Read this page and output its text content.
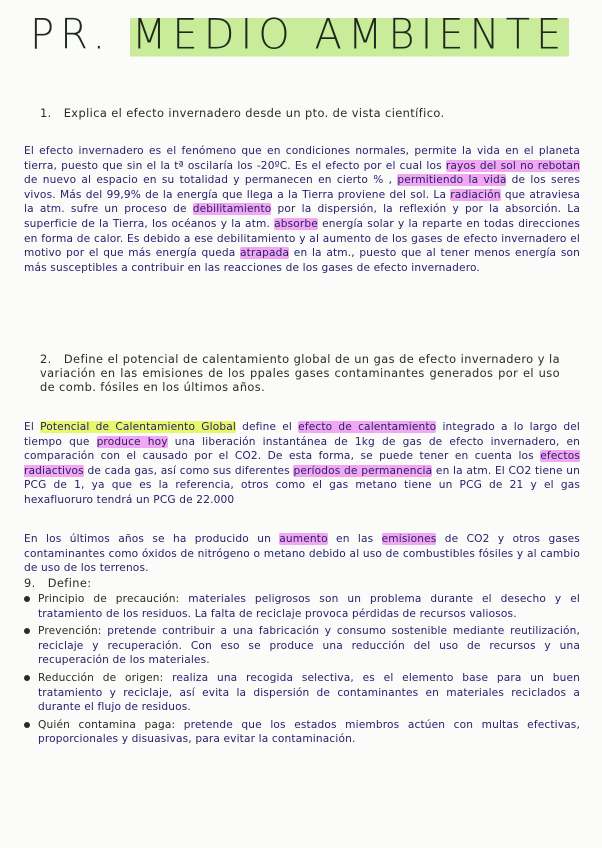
PR. MEDIO AMBIENTE
1. Explica el efecto invernadero desde un pto. de vista científico.
El efecto invernadero es el fenómeno que en condiciones normales, permite la vida en el planeta tierra, puesto que sin el la tª oscilaría los -20ºC. Es el efecto por el cual los rayos del sol no rebotan de nuevo al espacio en su totalidad y permanecen en cierto % , permitiendo la vida de los seres vivos. Más del 99,9% de la energía que llega a la Tierra proviene del sol. La radiación que atraviesa la atm. sufre un proceso de debilitamiento por la dispersión, la reflexión y por la absorción. La superficie de la Tierra, los océanos y la atm. absorbe energía solar y la reparte en todas direcciones en forma de calor. Es debido a ese debilitamiento y al aumento de los gases de efecto invernadero el motivo por el que más energía queda atrapada en la atm., puesto que al tener menos energía son más susceptibles a contribuir en las reacciones de los gases de efecto invernadero.
2. Define el potencial de calentamiento global de un gas de efecto invernadero y la variación en las emisiones de los ppales gases contaminantes generados por el uso de comb. fósiles en los últimos años.
El Potencial de Calentamiento Global define el efecto de calentamiento integrado a lo largo del tiempo que produce hoy una liberación instantánea de 1kg de gas de efecto invernadero, en comparación con el causado por el CO2. De esta forma, se puede tener en cuenta los efectos radiactivos de cada gas, así como sus diferentes períodos de permanencia en la atm. El CO2 tiene un PCG de 1, ya que es la referencia, otros como el gas metano tiene un PCG de 21 y el gas hexafluoruro tendrá un PCG de 22.000
En los últimos años se ha producido un aumento en las emisiones de CO2 y otros gases contaminantes como óxidos de nitrógeno o metano debido al uso de combustibles fósiles y al cambio de uso de los terrenos.
9. Define:
Principio de precaución: materiales peligrosos son un problema durante el desecho y el tratamiento de los residuos. La falta de reciclaje provoca pérdidas de recursos valiosos.
Prevención: pretende contribuir a una fabricación y consumo sostenible mediante reutilización, reciclaje y recuperación. Con eso se produce una reducción del uso de recursos y una recuperación de los materiales.
Reducción de origen: realiza una recogida selectiva, es el elemento base para un buen tratamiento y reciclaje, así evita la dispersión de contaminantes en materiales reciclados a durante el flujo de residuos.
Quién contamina paga: pretende que los estados miembros actúen con multas efectivas, proporcionales y disuasivas, para evitar la contaminación.
